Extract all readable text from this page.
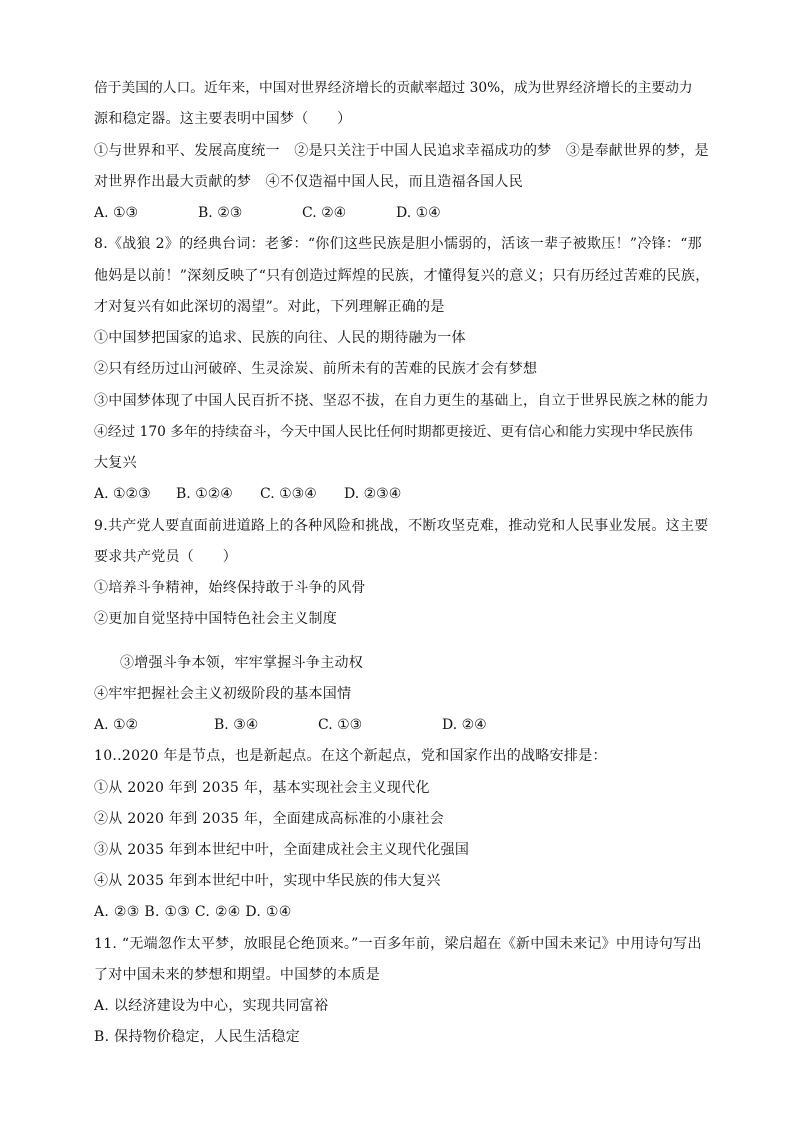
倍于美国的人口。近年来，中国对世界经济增长的贡献率超过 30%，成为世界经济增长的主要动力
源和稳定器。这主要表明中国梦（　　）
①与世界和平、发展高度统一　②是只关注于中国人民追求幸福成功的梦　③是奉献世界的梦，是
对世界作出最大贡献的梦　④不仅造福中国人民，而且造福各国人民
A. ①③	B. ②③	C. ②④	D. ①④
8.《战狼 2》的经典台词：老爹：“你们这些民族是胆小懦弱的，活该一辈子被欺压！”冷锋：“那
他妈是以前！”深刻反映了“只有创造过辉煌的民族，才懂得复兴的意义；只有历经过苦难的民族，
才对复兴有如此深切的渴望”。对此，下列理解正确的是
①中国梦把国家的追求、民族的向往、人民的期待融为一体
②只有经历过山河破碎、生灵涂炭、前所未有的苦难的民族才会有梦想
③中国梦体现了中国人民百折不挠、坚忍不拔，在自力更生的基础上，自立于世界民族之林的能力
④经过 170 多年的持续奋斗，今天中国人民比任何时期都更接近、更有信心和能力实现中华民族伟
大复兴
A. ①②③ B. ①②④ C. ①③④ D. ②③④
9.共产党人要直面前进道路上的各种风险和挑战，不断攻坚克难，推动党和人民事业发展。这主要
要求共产党员（　　）
①培养斗争精神，始终保持敢于斗争的风骨
②更加自觉坚持中国特色社会主义制度
③增强斗争本领，牢牢掌握斗争主动权
④牢牢把握社会主义初级阶段的基本国情
A. ①②	B. ③④	C. ①③	D. ②④
10..2020 年是节点，也是新起点。在这个新起点，党和国家作出的战略安排是：
①从 2020 年到 2035 年，基本实现社会主义现代化
②从 2020 年到 2035 年，全面建成高标准的小康社会
③从 2035 年到本世纪中叶，全面建成社会主义现代化强国
④从 2035 年到本世纪中叶，实现中华民族的伟大复兴
A. ②③ B. ①③ C. ②④ D. ①④
11. “无端忽作太平梦，放眼昆仑绝顶来。”一百多年前，梁启超在《新中国未来记》中用诗句写出
了对中国未来的梦想和期望。中国梦的本质是
A. 以经济建设为中心，实现共同富裕
B. 保持物价稳定，人民生活稳定
